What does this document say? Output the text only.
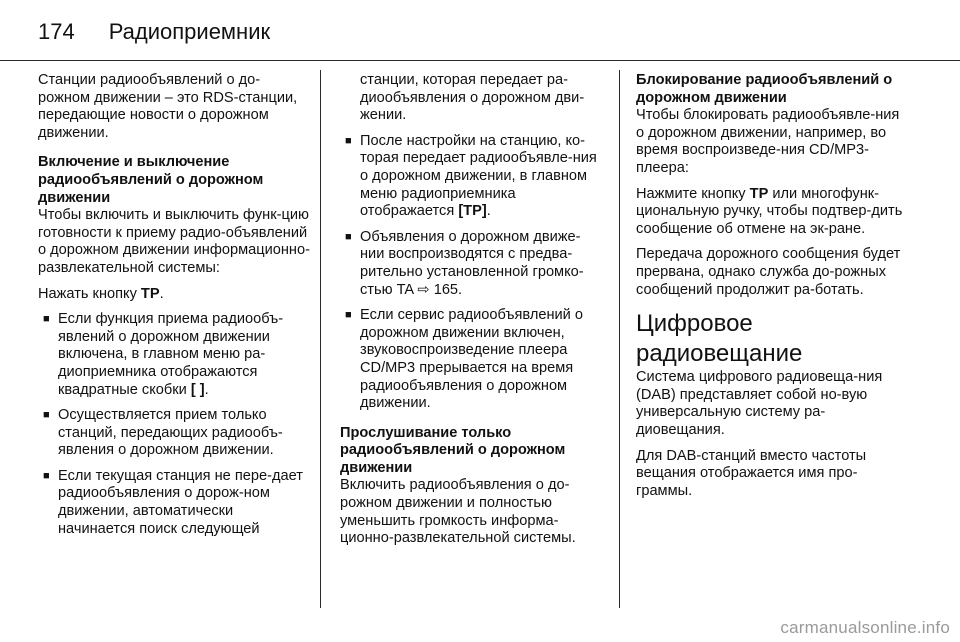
174 Радиоприемник

Станции радиообъявлений о до-рожном движении – это RDS-станции, передающие новости о дорожном движении.

Включение и выключение радиообъявлений о дорожном движении

Чтобы включить и выключить функ-цию готовности к приему радио-объявлений о дорожном движении информационно-развлекательной системы:

Нажать кнопку TP.

■ Если функция приема радиообъ-явлений о дорожном движении включена, в главном меню ра-диоприемника отображаются квадратные скобки [ ].
■ Осуществляется прием только станций, передающих радиообъ-явления о дорожном движении.
■ Если текущая станция не пере-дает радиообъявления о дорож-ном движении, автоматически начинается поиск следующей
станции, которая передает ра-диообъявления о дорожном дви-жении.
■ После настройки на станцию, ко-торая передает радиообъявле-ния о дорожном движении, в главном меню радиоприемника отображается [TP].
■ Объявления о дорожном движе-нии воспроизводятся с предва-рительно установленной громко-стью TA ⇨ 165.
■ Если сервис радиообъявлений о дорожном движении включен, звуковоспроизведение плеера CD/MP3 прерывается на время радиообъявления о дорожном движении.

Прослушивание только радиообъявлений о дорожном движении

Включить радиообъявления о до-рожном движении и полностью уменьшить громкость информа-ционно-развлекательной системы.

Блокирование радиообъявлений о дорожном движении

Чтобы блокировать радиообъявле-ния о дорожном движении, например, во время воспроизведе-ния CD/MP3-плеера:

Нажмите кнопку TP или многофунк-циональную ручку, чтобы подтвер-дить сообщение об отмене на эк-ране.

Передача дорожного сообщения будет прервана, однако служба до-рожных сообщений продолжит ра-ботать.

Цифровое
радиовещание

Система цифрового радиовеща-ния (DAB) представляет собой но-вую универсальную систему ра-диовещания.

Для DAB-станций вместо частоты вещания отображается имя про-граммы.

carmanualsonline.info
